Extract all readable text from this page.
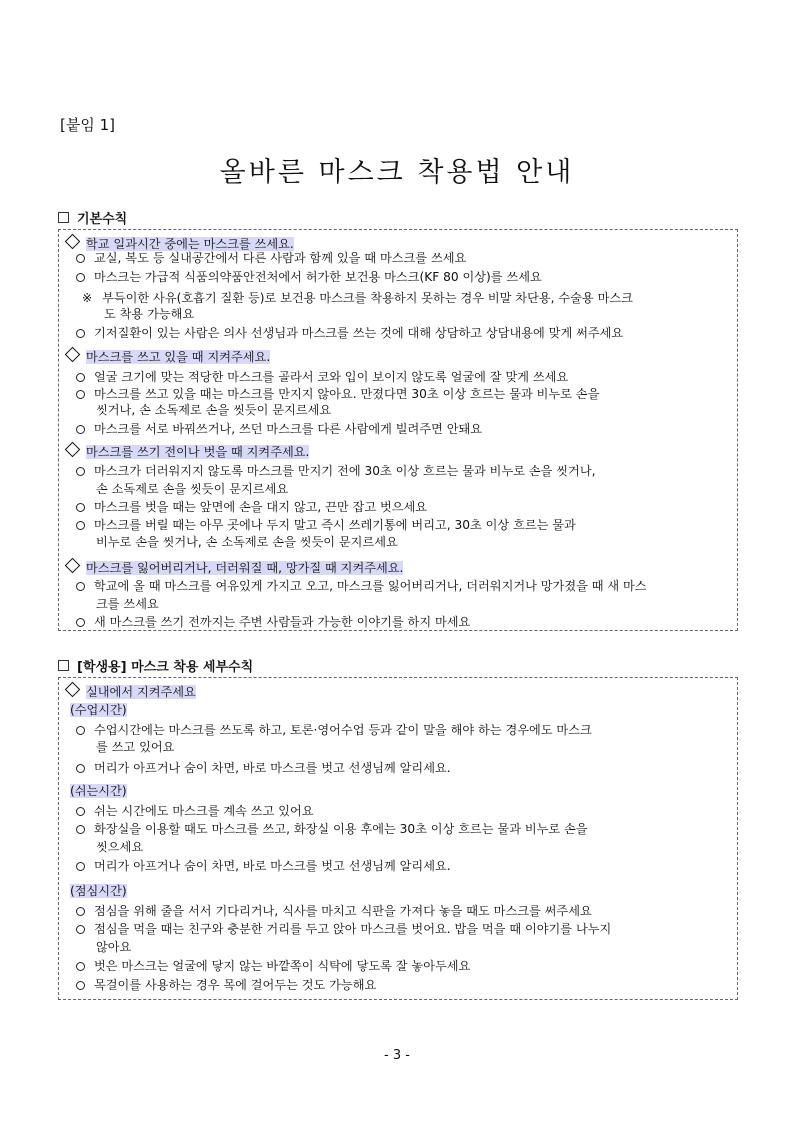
[붙임 1]
올바른 마스크 착용법 안내
기본수칙
[학생용] 마스크 착용 세부수칙
학교 일과시간 중에는 마스크를 쓰세요.
교실, 복도 등 실내공간에서 다른 사람과 함께 있을 때 마스크를 쓰세요
마스크는 가급적 식품의약품안전처에서 허가한 보건용 마스크(KF 80 이상)를 쓰세요
※ 부득이한 사유(호흡기 질환 등)로 보건용 마스크를 착용하지 못하는 경우 비말 차단용, 수술용 마스크
도 착용 가능해요
기저질환이 있는 사람은 의사 선생님과 마스크를 쓰는 것에 대해 상담하고 상담내용에 맞게 써주세요
마스크를 쓰고 있을 때 지켜주세요.
얼굴 크기에 맞는 적당한 마스크를 골라서 코와 입이 보이지 않도록 얼굴에 잘 맞게 쓰세요
마스크를 쓰고 있을 때는 마스크를 만지지 않아요. 만졌다면 30초 이상 흐르는 물과 비누로 손을
씻거나, 손 소독제로 손을 씻듯이 문지르세요
마스크를 서로 바꿔쓰거나, 쓰던 마스크를 다른 사람에게 빌려주면 안돼요
마스크를 쓰기 전이나 벗을 때 지켜주세요.
마스크가 더러워지지 않도록 마스크를 만지기 전에 30초 이상 흐르는 물과 비누로 손을 씻거나,
손 소독제로 손을 씻듯이 문지르세요
마스크를 벗을 때는 앞면에 손을 대지 않고, 끈만 잡고 벗으세요
마스크를 버릴 때는 아무 곳에나 두지 말고 즉시 쓰레기통에 버리고, 30초 이상 흐르는 물과
비누로 손을 씻거나, 손 소독제로 손을 씻듯이 문지르세요
마스크를 잃어버리거나, 더러워질 때, 망가질 때 지켜주세요.
학교에 올 때 마스크를 여유있게 가지고 오고, 마스크를 잃어버리거나, 더러워지거나 망가졌을 때 새 마스
크를 쓰세요
새 마스크를 쓰기 전까지는 주변 사람들과 가능한 이야기를 하지 마세요
실내에서 지켜주세요
(수업시간)
수업시간에는 마스크를 쓰도록 하고, 토론·영어수업 등과 같이 말을 해야 하는 경우에도 마스크
를 쓰고 있어요
머리가 아프거나 숨이 차면, 바로 마스크를 벗고 선생님께 알리세요.
(쉬는시간)
쉬는 시간에도 마스크를 계속 쓰고 있어요
화장실을 이용할 때도 마스크를 쓰고, 화장실 이용 후에는 30초 이상 흐르는 물과 비누로 손을
씻으세요
머리가 아프거나 숨이 차면, 바로 마스크를 벗고 선생님께 알리세요.
(점심시간)
점심을 위해 줄을 서서 기다리거나, 식사를 마치고 식판을 가져다 놓을 때도 마스크를 써주세요
점심을 먹을 때는 친구와 충분한 거리를 두고 앉아 마스크를 벗어요. 밥을 먹을 때 이야기를 나누지
않아요
벗은 마스크는 얼굴에 닿지 않는 바깥쪽이 식탁에 닿도록 잘 놓아두세요
목걸이를 사용하는 경우 목에 걸어두는 것도 가능해요
- 3 -
